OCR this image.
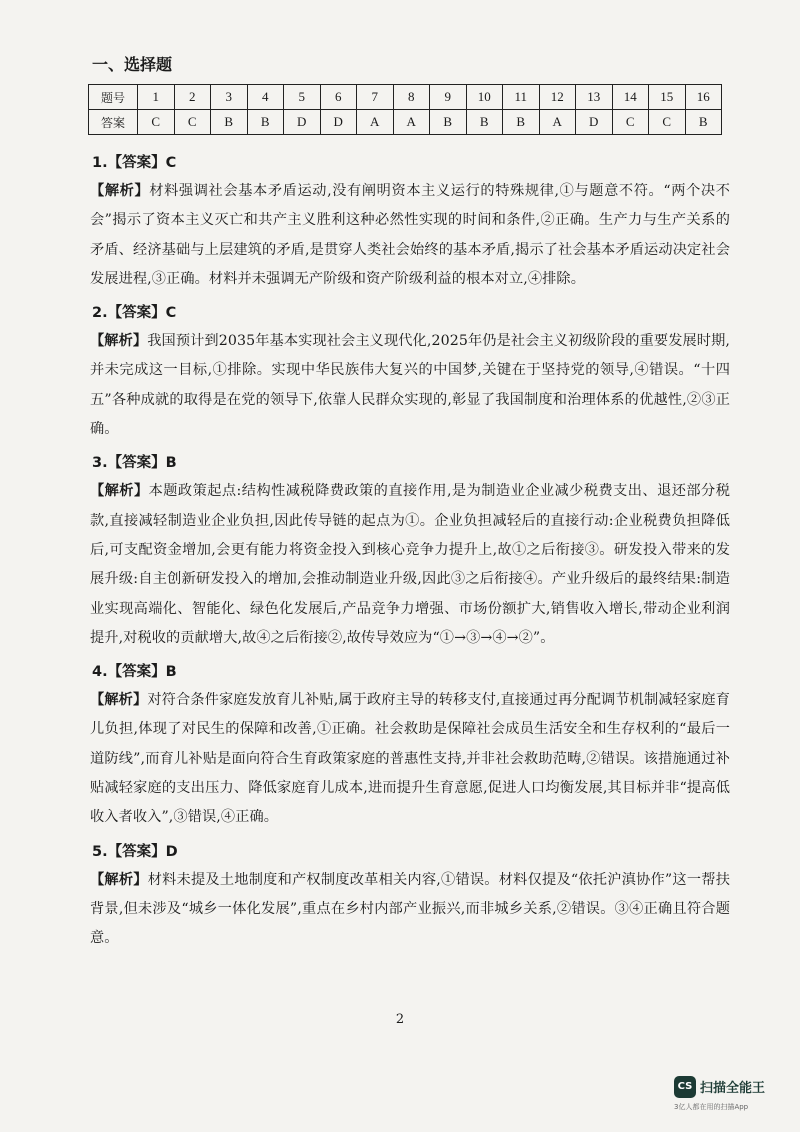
一、选择题
题号	1	2	3	4	5	6	7	8	9	10	11	12	13	14	15	16
答案	C	C	B	B	D	D	A	A	B	B	B	A	D	C	C	B
1.【答案】C
【解析】材料强调社会基本矛盾运动,没有阐明资本主义运行的特殊规律,①与题意不符。“两个决不会”揭示了资本主义灭亡和共产主义胜利这种必然性实现的时间和条件,②正确。生产力与生产关系的矛盾、经济基础与上层建筑的矛盾,是贯穿人类社会始终的基本矛盾,揭示了社会基本矛盾运动决定社会发展进程,③正确。材料并未强调无产阶级和资产阶级利益的根本对立,④排除。
2.【答案】C
【解析】我国预计到2035年基本实现社会主义现代化,2025年仍是社会主义初级阶段的重要发展时期,并未完成这一目标,①排除。实现中华民族伟大复兴的中国梦,关键在于坚持党的领导,④错误。“十四五”各种成就的取得是在党的领导下,依靠人民群众实现的,彰显了我国制度和治理体系的优越性,②③正确。
3.【答案】B
【解析】本题政策起点:结构性减税降费政策的直接作用,是为制造业企业减少税费支出、退还部分税款,直接减轻制造业企业负担,因此传导链的起点为①。企业负担减轻后的直接行动:企业税费负担降低后,可支配资金增加,会更有能力将资金投入到核心竞争力提升上,故①之后衔接③。研发投入带来的发展升级:自主创新研发投入的增加,会推动制造业升级,因此③之后衔接④。产业升级后的最终结果:制造业实现高端化、智能化、绿色化发展后,产品竞争力增强、市场份额扩大,销售收入增长,带动企业利润提升,对税收的贡献增大,故④之后衔接②,故传导效应为“①→③→④→②”。
4.【答案】B
【解析】对符合条件家庭发放育儿补贴,属于政府主导的转移支付,直接通过再分配调节机制减轻家庭育儿负担,体现了对民生的保障和改善,①正确。社会救助是保障社会成员生活安全和生存权利的“最后一道防线”,而育儿补贴是面向符合生育政策家庭的普惠性支持,并非社会救助范畴,②错误。该措施通过补贴减轻家庭的支出压力、降低家庭育儿成本,进而提升生育意愿,促进人口均衡发展,其目标并非“提高低收入者收入”,③错误,④正确。
5.【答案】D
【解析】材料未提及土地制度和产权制度改革相关内容,①错误。材料仅提及“依托沪滇协作”这一帮扶背景,但未涉及“城乡一体化发展”,重点在乡村内部产业振兴,而非城乡关系,②错误。③④正确且符合题意。
2
CS 扫描全能王
3亿人都在用的扫描App
